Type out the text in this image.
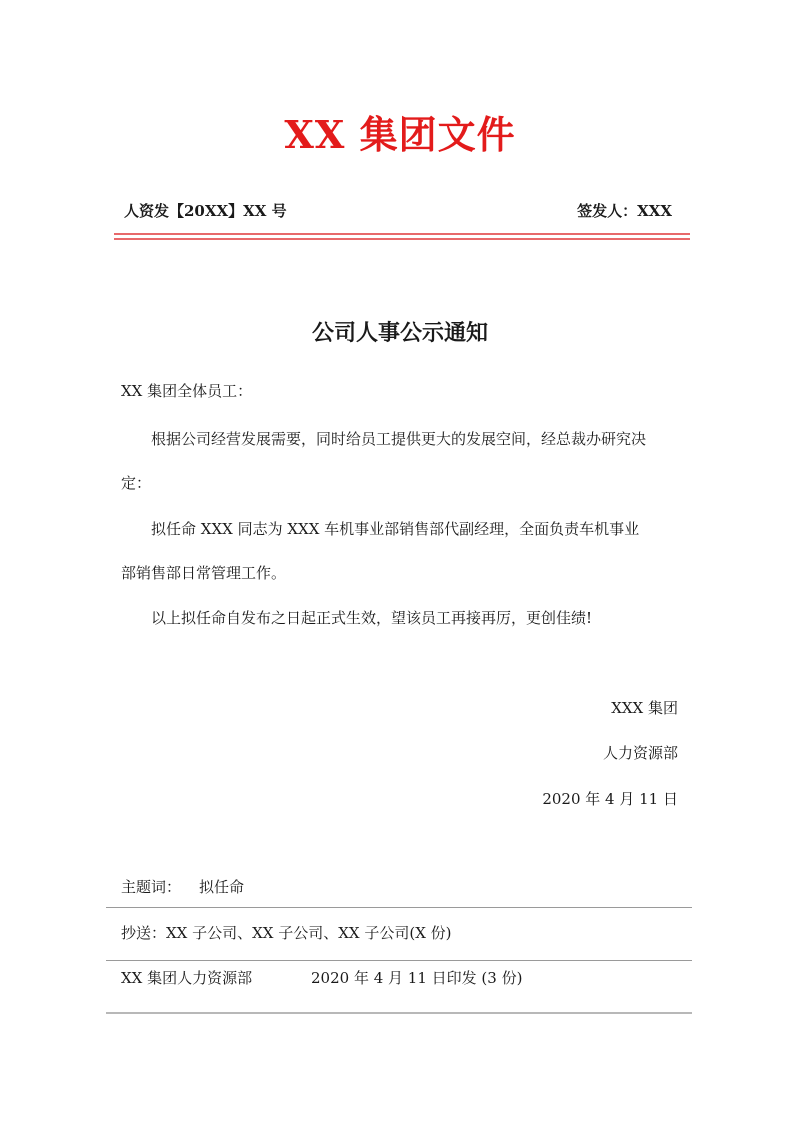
XX 集团文件
人资发【20XX】XX 号	签发人：XXX
公司人事公示通知
XX 集团全体员工：
根据公司经营发展需要，同时给员工提供更大的发展空间，经总裁办研究决
定：
拟任命 XXX 同志为 XXX 车机事业部销售部代副经理，全面负责车机事业
部销售部日常管理工作。
以上拟任命自发布之日起正式生效，望该员工再接再厉，更创佳绩!
XXX 集团
人力资源部
2020 年 4 月 11 日
主题词： 拟任命
抄送：XX 子公司、XX 子公司、XX 子公司(X 份)
XX 集团人力资源部	2020 年 4 月 11 日印发 (3 份)
